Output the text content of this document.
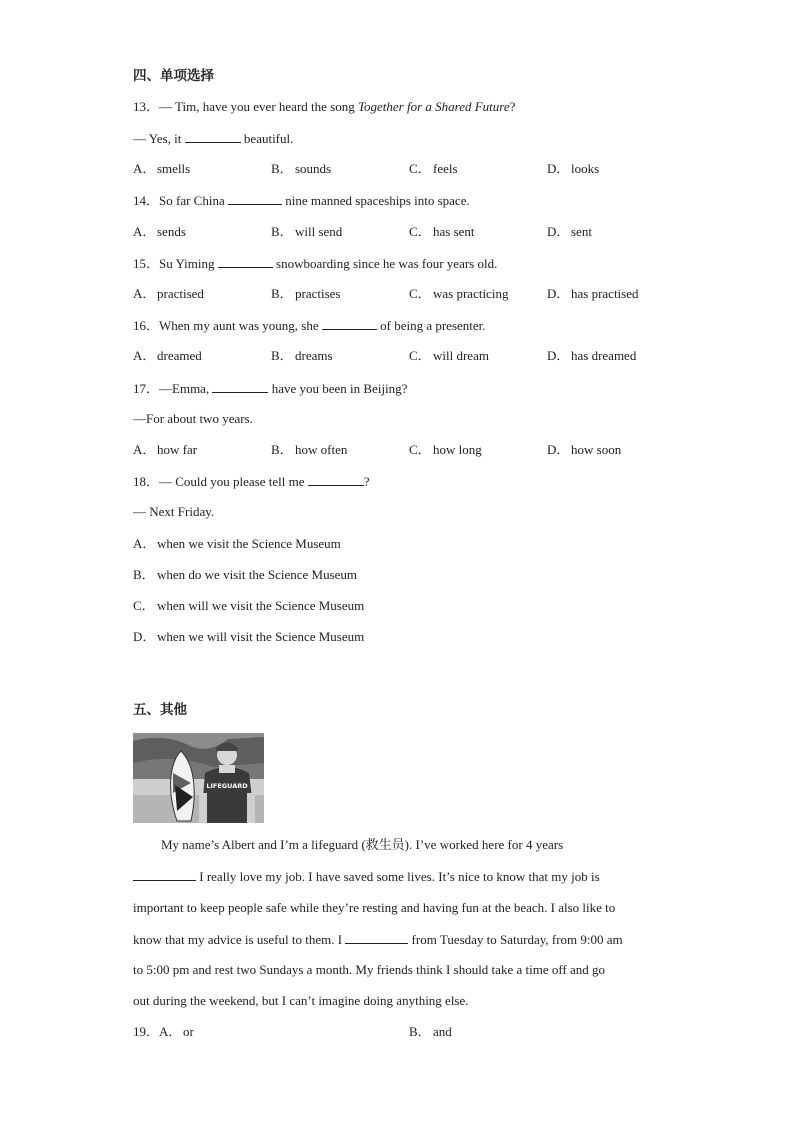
四、单项选择
13．— Tim, have you ever heard the song Together for a Shared Future?
— Yes, it	beautiful.
A． smells	B． sounds	C． feels	D． looks
14．So far China	nine manned spaceships into space.
A． sends	B． will send	C． has sent	D． sent
15．Su Yiming	snowboarding since he was four years old.
A． practised	B． practises	C． was practicing	D． has practised
16．When my aunt was young, she	of being a presenter.
A． dreamed	B． dreams	C． will dream	D． has dreamed
17．—Emma,	have you been in Beijing?
—For about two years.
A． how far	B． how often	C． how long	D． how soon
18．— Could you please tell me	?
— Next Friday.
A． when we visit the Science Museum
B． when do we visit the Science Museum
C． when will we visit the Science Museum
D． when we will visit the Science Museum
五、其他
LIFEGUARD
My name’s Albert and I’m a lifeguard (救生员). I’ve worked here for 4 years
I really love my job. I have saved some lives. It’s nice to know that my job is
important to keep people safe while they’re resting and having fun at the beach. I also like to
know that my advice is useful to them. I	from Tuesday to Saturday, from 9:00 am
to 5:00 pm and rest two Sundays a month. My friends think I should take a time off and go
out during the weekend, but I can’t imagine doing anything else.
19．A． or	B． and
